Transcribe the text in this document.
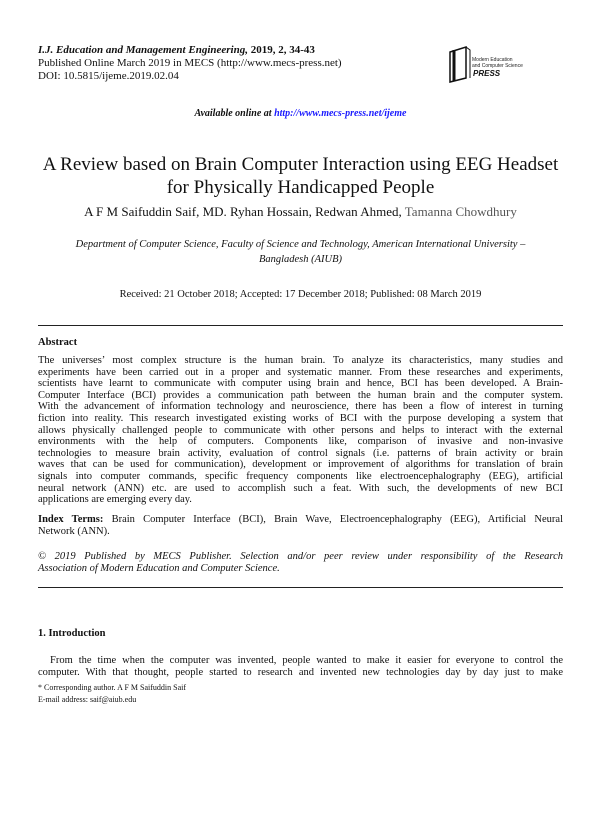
I.J. Education and Management Engineering, 2019, 2, 34-43
Published Online March 2019 in MECS (http://www.mecs-press.net)
DOI: 10.5815/ijeme.2019.02.04
Modern Education
and Computer Science
PRESS
Available online at http://www.mecs-press.net/ijeme
A Review based on Brain Computer Interaction using EEG Headset
for Physically Handicapped People
A F M Saifuddin Saif, MD. Ryhan Hossain, Redwan Ahmed, Tamanna Chowdhury
Department of Computer Science, Faculty of Science and Technology, American International University –
Bangladesh (AIUB)
Received: 21 October 2018; Accepted: 17 December 2018; Published: 08 March 2019
Abstract
The universes’ most complex structure is the human brain. To analyze its characteristics, many studies and
experiments have been carried out in a proper and systematic manner. From these researches and experiments,
scientists have learnt to communicate with computer using brain and hence, BCI has been developed. A Brain-
Computer Interface (BCI) provides a communication path between the human brain and the computer system.
With the advancement of information technology and neuroscience, there has been a flow of interest in turning
fiction into reality. This research investigated existing works of BCI with the purpose developing a system that
allows physically challenged people to communicate with other persons and helps to interact with the external
environments with the help of computers. Components like, comparison of invasive and non-invasive
technologies to measure brain activity, evaluation of control signals (i.e. patterns of brain activity or brain
waves that can be used for communication), development or improvement of algorithms for translation of brain
signals into computer commands, specific frequency components like electroencephalography (EEG), artificial
neural network (ANN) etc. are used to accomplish such a feat. With such, the developments of new BCI
applications are emerging every day.
Index Terms: Brain Computer Interface (BCI), Brain Wave, Electroencephalography (EEG), Artificial Neural
Network (ANN).
© 2019 Published by MECS Publisher. Selection and/or peer review under responsibility of the Research
Association of Modern Education and Computer Science.
1. Introduction
From the time when the computer was invented, people wanted to make it easier for everyone to control the
computer. With that thought, people started to research and invented new technologies day by day just to make
* Corresponding author. A F M Saifuddin Saif
E-mail address: saif@aiub.edu
